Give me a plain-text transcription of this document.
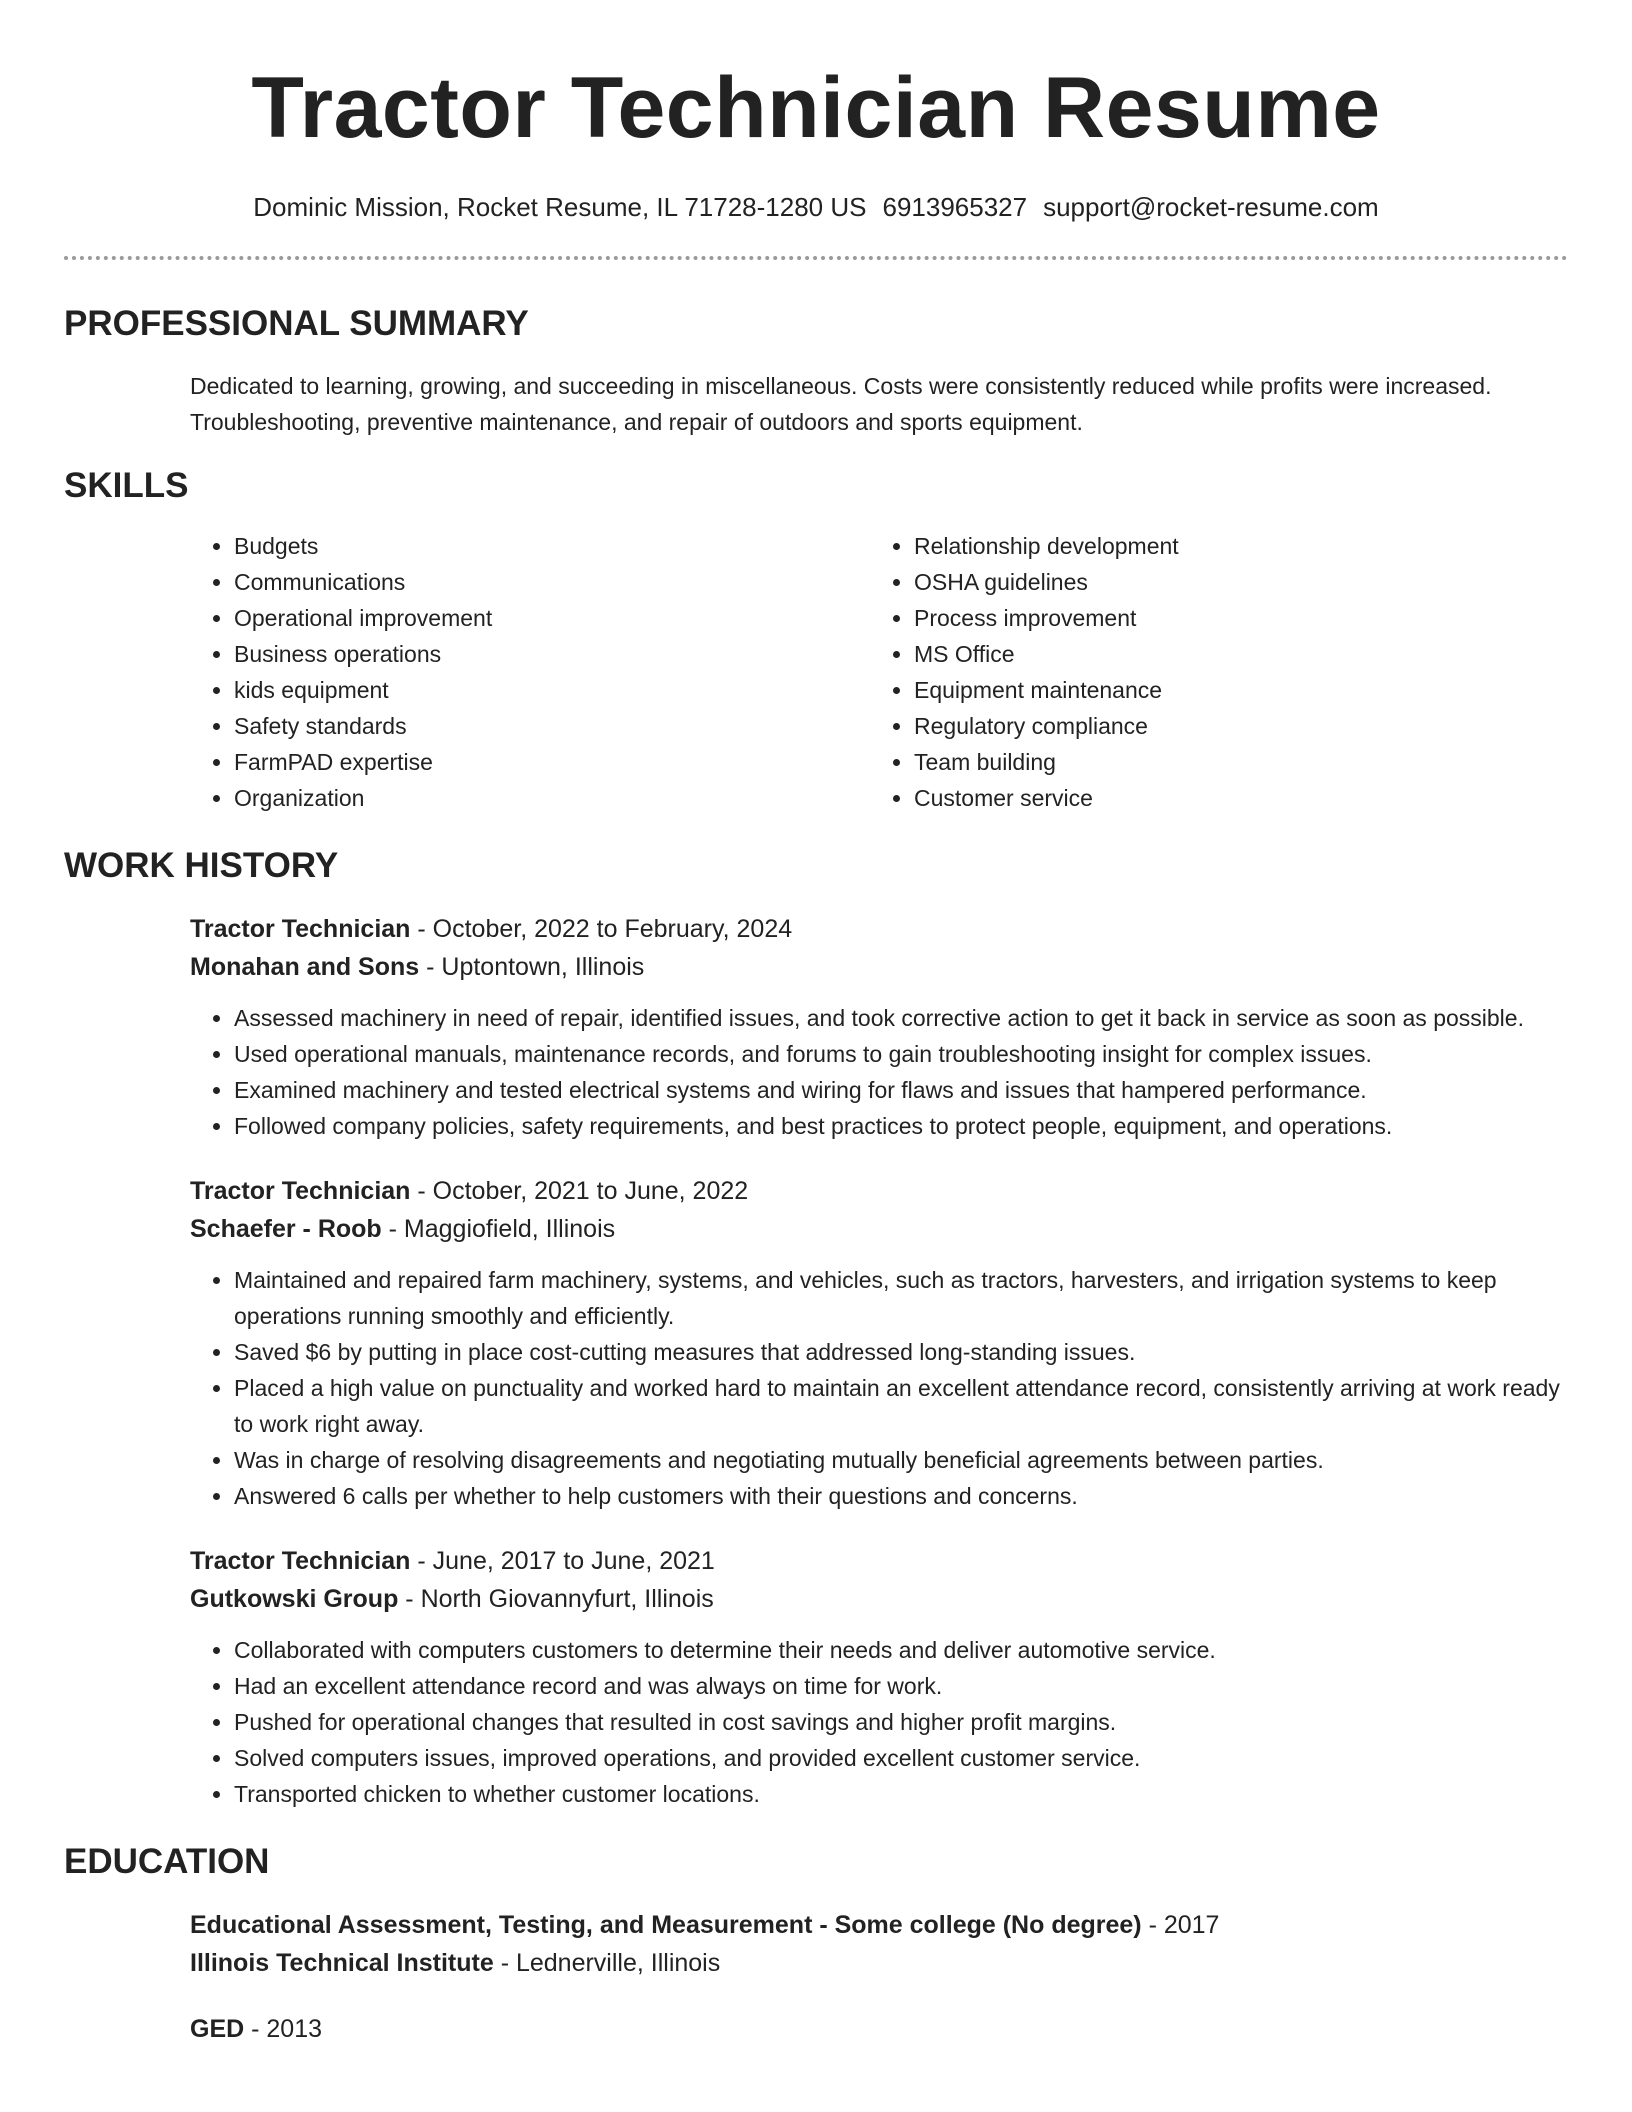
Tractor Technician Resume
Dominic Mission, Rocket Resume, IL 71728-1280 US 6913965327 support@rocket-resume.com
PROFESSIONAL SUMMARY

Dedicated to learning, growing, and succeeding in miscellaneous. Costs were consistently reduced while profits were increased. Troubleshooting, preventive maintenance, and repair of outdoors and sports equipment.

SKILLS
• Budgets
• Communications
• Operational improvement
• Business operations
• kids equipment
• Safety standards
• FarmPAD expertise
• Organization
• Relationship development
• OSHA guidelines
• Process improvement
• MS Office
• Equipment maintenance
• Regulatory compliance
• Team building
• Customer service
WORK HISTORY
Tractor Technician - October, 2022 to February, 2024
Monahan and Sons - Uptontown, Illinois
• Assessed machinery in need of repair, identified issues, and took corrective action to get it back in service as soon as possible.
• Used operational manuals, maintenance records, and forums to gain troubleshooting insight for complex issues.
• Examined machinery and tested electrical systems and wiring for flaws and issues that hampered performance.
• Followed company policies, safety requirements, and best practices to protect people, equipment, and operations.
Tractor Technician - October, 2021 to June, 2022
Schaefer - Roob - Maggiofield, Illinois
• Maintained and repaired farm machinery, systems, and vehicles, such as tractors, harvesters, and irrigation systems to keep operations running smoothly and efficiently.
• Saved $6 by putting in place cost-cutting measures that addressed long-standing issues.
• Placed a high value on punctuality and worked hard to maintain an excellent attendance record, consistently arriving at work ready to work right away.
• Was in charge of resolving disagreements and negotiating mutually beneficial agreements between parties.
• Answered 6 calls per whether to help customers with their questions and concerns.
Tractor Technician - June, 2017 to June, 2021
Gutkowski Group - North Giovannyfurt, Illinois
• Collaborated with computers customers to determine their needs and deliver automotive service.
• Had an excellent attendance record and was always on time for work.
• Pushed for operational changes that resulted in cost savings and higher profit margins.
• Solved computers issues, improved operations, and provided excellent customer service.
• Transported chicken to whether customer locations.
EDUCATION
Educational Assessment, Testing, and Measurement - Some college (No degree) - 2017
Illinois Technical Institute - Lednerville, Illinois
GED - 2013
